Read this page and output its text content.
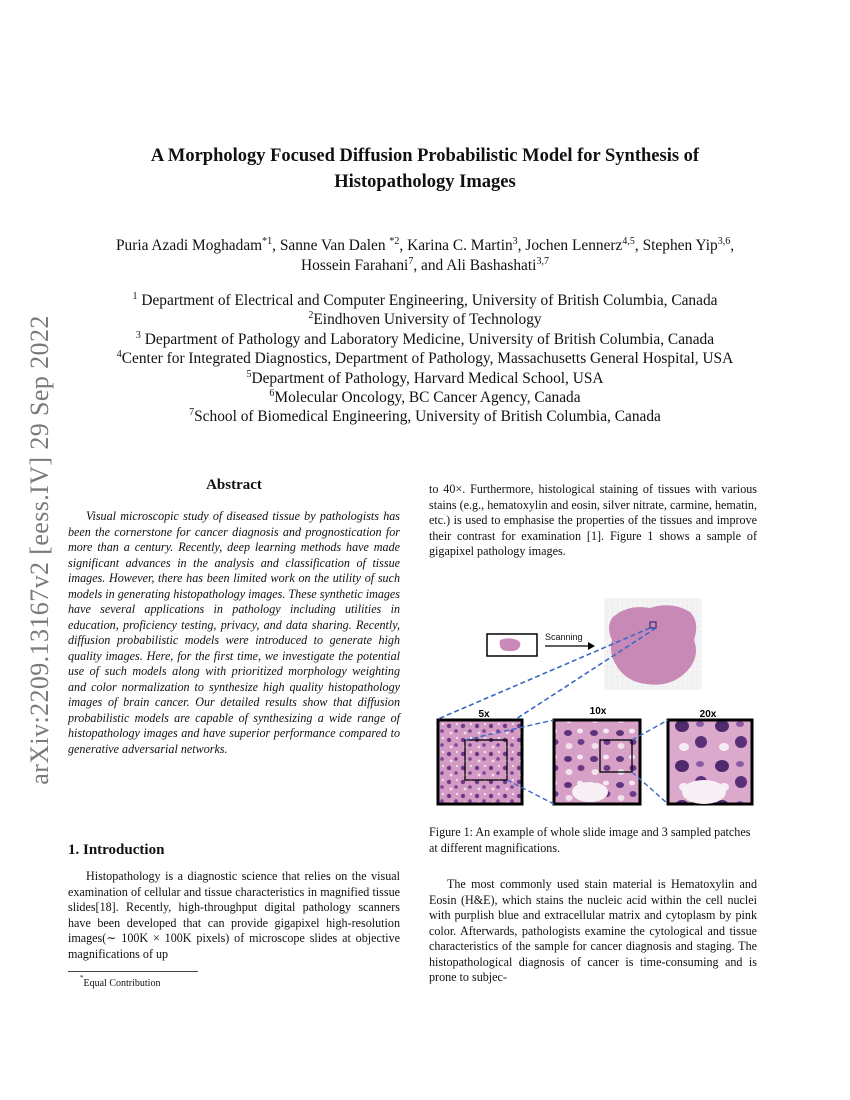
arXiv:2209.13167v2 [eess.IV] 29 Sep 2022
A Morphology Focused Diffusion Probabilistic Model for Synthesis of
Histopathology Images
Puria Azadi Moghadam$^{*1}$, Sanne Van Dalen $^{*2}$, Karina C. Martin$^3$, Jochen Lennerz$^{4,5}$, Stephen Yip$^{3,6}$,
Hossein Farahani$^7$, and Ali Bashashati$^{3,7}$
$^1$ Department of Electrical and Computer Engineering, University of British Columbia, Canada
$^2$Eindhoven University of Technology
$^3$ Department of Pathology and Laboratory Medicine, University of British Columbia, Canada
$^4$Center for Integrated Diagnostics, Department of Pathology, Massachusetts General Hospital, USA
$^5$Department of Pathology, Harvard Medical School, USA
$^6$Molecular Oncology, BC Cancer Agency, Canada
$^7$School of Biomedical Engineering, University of British Columbia, Canada
Abstract

Visual microscopic study of diseased tissue by pathologists has been the cornerstone for cancer diagnosis and prognostication for more than a century. Recently, deep learning methods have made significant advances in the analysis and classification of tissue images. However, there has been limited work on the utility of such models in generating histopathology images. These synthetic images have several applications in pathology including utilities in education, proficiency testing, privacy, and data sharing. Recently, diffusion probabilistic models were introduced to generate high quality images. Here, for the first time, we investigate the potential use of such models along with prioritized morphology weighting and color normalization to synthesize high quality histopathology images of brain cancer. Our detailed results show that diffusion probabilistic models are capable of synthesizing a wide range of histopathology images and have superior performance compared to generative adversarial networks.

1. Introduction

Histopathology is a diagnostic science that relies on the visual examination of cellular and tissue characteristics in magnified tissue slides[18]. Recently, high-throughput digital pathology scanners have been developed that can provide gigapixel high-resolution images(∼ 100K × 100K pixels) of microscope slides at objective magnifications of up

*Equal Contribution

to 40×. Furthermore, histological staining of tissues with various stains (e.g., hematoxylin and eosin, silver nitrate, carmine, hematin, etc.) is used to emphasise the properties of the tissues and improve their contrast for examination [1]. Figure 1 shows a sample of gigapixel pathology images.

Scanning
5x	10x	20x
Figure 1: An example of whole slide image and 3 sampled patches at different magnifications.

The most commonly used stain material is Hematoxylin and Eosin (H&E), which stains the nucleic acid within the cell nuclei with purplish blue and extracellular matrix and cytoplasm by pink color. Afterwards, pathologists examine the cytological and tissue characteristics of the sample for cancer diagnosis and staging. The histopathological diagnosis of cancer is time-consuming and is prone to subjec-
